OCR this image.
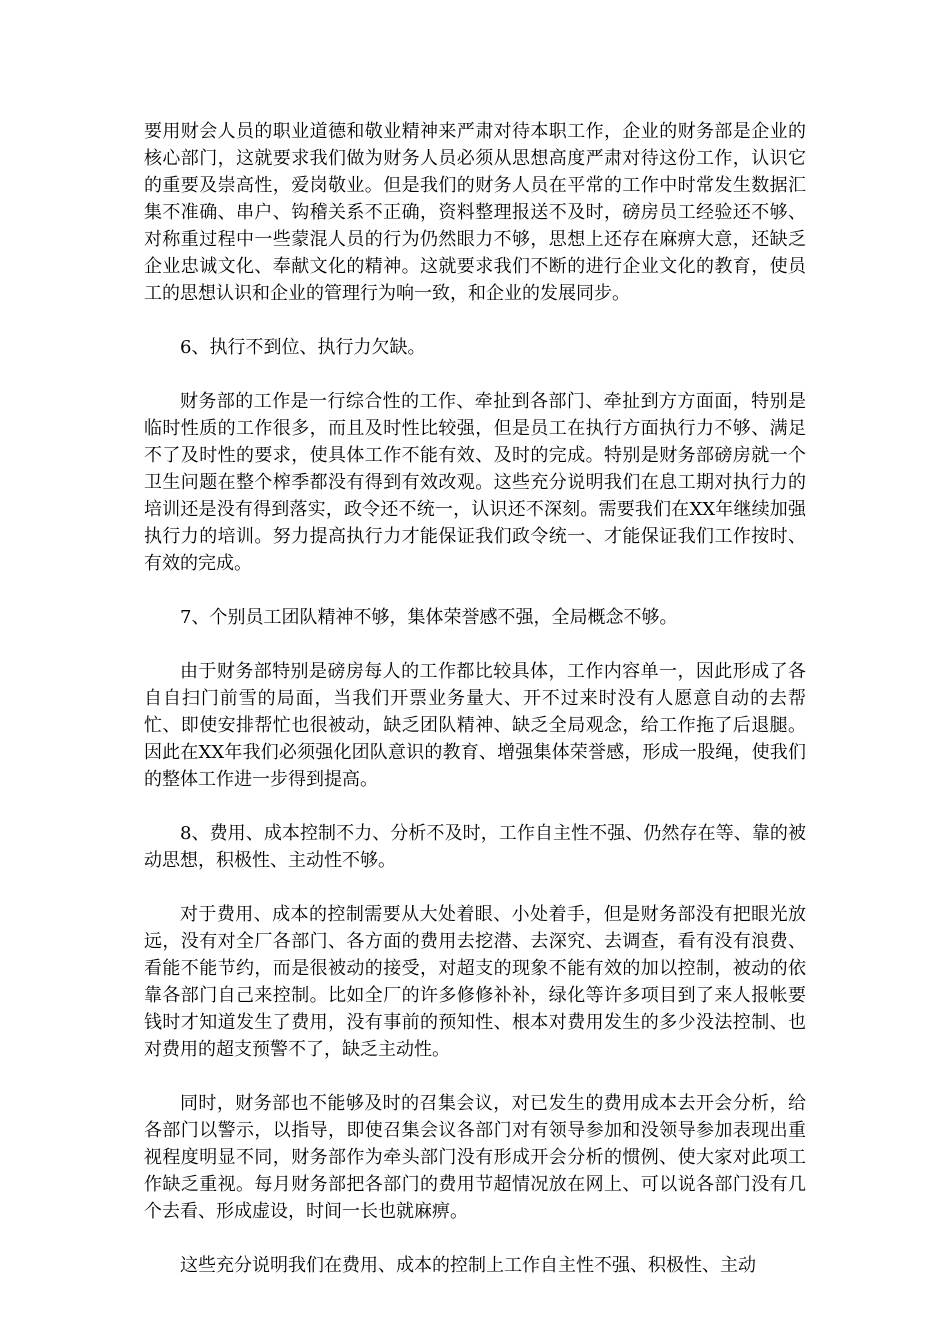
要用财会人员的职业道德和敬业精神来严肃对待本职工作，企业的财务部是企业的核心部门，这就要求我们做为财务人员必须从思想高度严肃对待这份工作，认识它的重要及崇高性，爱岗敬业。但是我们的财务人员在平常的工作中时常发生数据汇集不准确、串户、钩稽关系不正确，资料整理报送不及时，磅房员工经验还不够、对称重过程中一些蒙混人员的行为仍然眼力不够，思想上还存在麻痹大意，还缺乏企业忠诚文化、奉献文化的精神。这就要求我们不断的进行企业文化的教育，使员工的思想认识和企业的管理行为响一致，和企业的发展同步。

6、执行不到位、执行力欠缺。

财务部的工作是一行综合性的工作、牵扯到各部门、牵扯到方方面面，特别是临时性质的工作很多，而且及时性比较强，但是员工在执行方面执行力不够、满足不了及时性的要求，使具体工作不能有效、及时的完成。特别是财务部磅房就一个卫生问题在整个榨季都没有得到有效改观。这些充分说明我们在息工期对执行力的培训还是没有得到落实，政令还不统一，认识还不深刻。需要我们在XX年继续加强执行力的培训。努力提高执行力才能保证我们政令统一、才能保证我们工作按时、有效的完成。

7、个别员工团队精神不够，集体荣誉感不强，全局概念不够。

由于财务部特别是磅房每人的工作都比较具体，工作内容单一，因此形成了各自自扫门前雪的局面，当我们开票业务量大、开不过来时没有人愿意自动的去帮忙、即使安排帮忙也很被动，缺乏团队精神、缺乏全局观念，给工作拖了后退腿。因此在XX年我们必须强化团队意识的教育、增强集体荣誉感，形成一股绳，使我们的整体工作进一步得到提高。

8、费用、成本控制不力、分析不及时，工作自主性不强、仍然存在等、靠的被动思想，积极性、主动性不够。

对于费用、成本的控制需要从大处着眼、小处着手，但是财务部没有把眼光放远，没有对全厂各部门、各方面的费用去挖潜、去深究、去调查，看有没有浪费、看能不能节约，而是很被动的接受，对超支的现象不能有效的加以控制，被动的依靠各部门自己来控制。比如全厂的许多修修补补，绿化等许多项目到了来人报帐要钱时才知道发生了费用，没有事前的预知性、根本对费用发生的多少没法控制、也对费用的超支预警不了，缺乏主动性。

同时，财务部也不能够及时的召集会议，对已发生的费用成本去开会分析，给各部门以警示，以指导，即使召集会议各部门对有领导参加和没领导参加表现出重视程度明显不同，财务部作为牵头部门没有形成开会分析的惯例、使大家对此项工作缺乏重视。每月财务部把各部门的费用节超情况放在网上、可以说各部门没有几个去看、形成虚设，时间一长也就麻痹。

这些充分说明我们在费用、成本的控制上工作自主性不强、积极性、主动
